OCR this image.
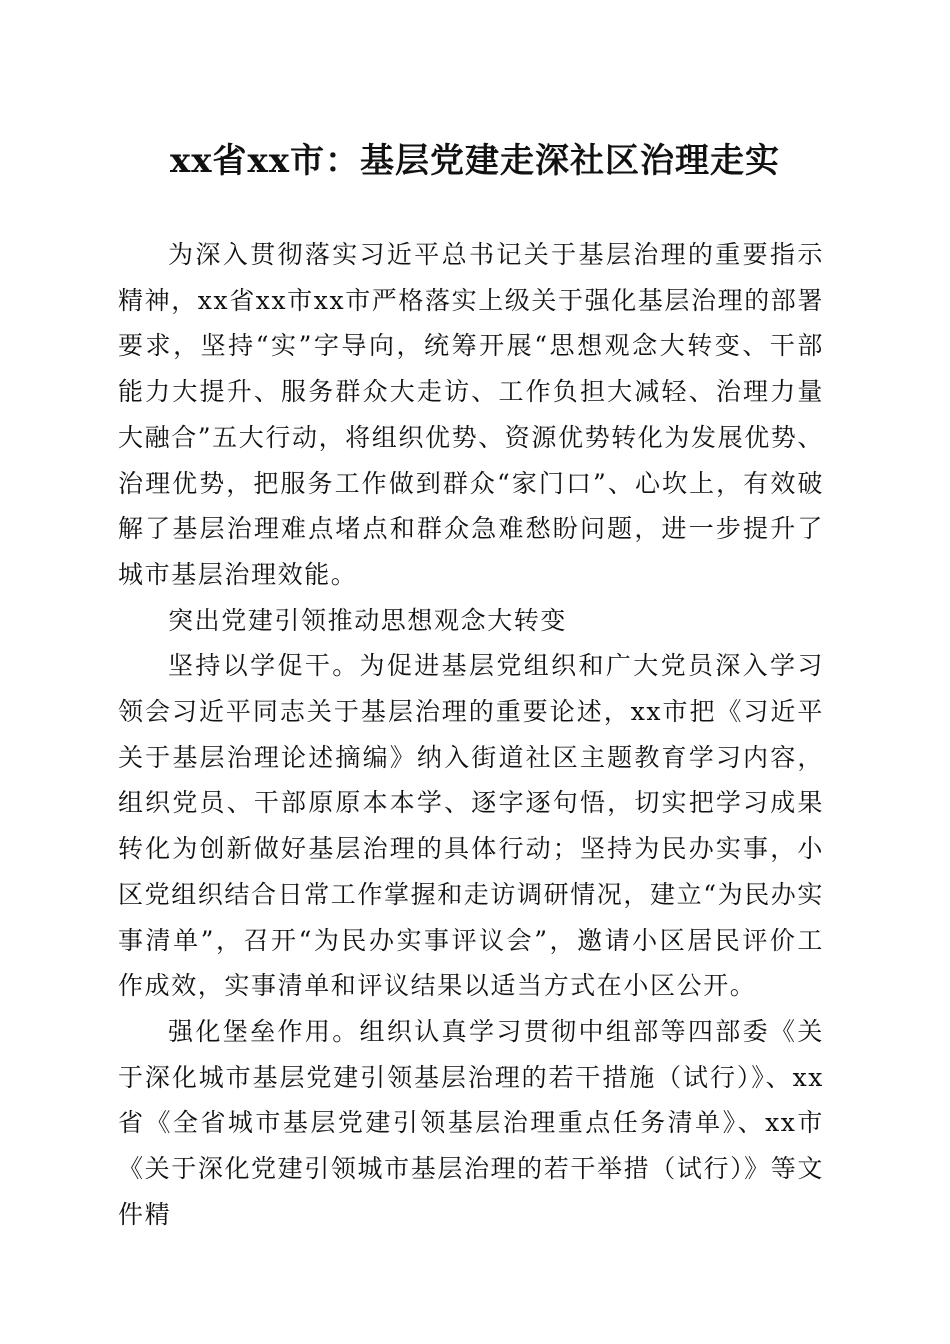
xx省xx市：基层党建走深社区治理走实

为深入贯彻落实习近平总书记关于基层治理的重要指示精神，xx省xx市xx市严格落实上级关于强化基层治理的部署要求，坚持“实”字导向，统筹开展“思想观念大转变、干部能力大提升、服务群众大走访、工作负担大减轻、治理力量大融合”五大行动，将组织优势、资源优势转化为发展优势、治理优势，把服务工作做到群众“家门口”、心坎上，有效破解了基层治理难点堵点和群众急难愁盼问题，进一步提升了城市基层治理效能。

突出党建引领推动思想观念大转变

坚持以学促干。为促进基层党组织和广大党员深入学习领会习近平同志关于基层治理的重要论述，xx市把《习近平关于基层治理论述摘编》纳入街道社区主题教育学习内容，组织党员、干部原原本本学、逐字逐句悟，切实把学习成果转化为创新做好基层治理的具体行动；坚持为民办实事，小区党组织结合日常工作掌握和走访调研情况，建立“为民办实事清单”，召开“为民办实事评议会”，邀请小区居民评价工作成效，实事清单和评议结果以适当方式在小区公开。

强化堡垒作用。组织认真学习贯彻中组部等四部委《关于深化城市基层党建引领基层治理的若干措施（试行）》、xx省《全省城市基层党建引领基层治理重点任务清单》、xx市《关于深化党建引领城市基层治理的若干举措（试行）》等文件精
